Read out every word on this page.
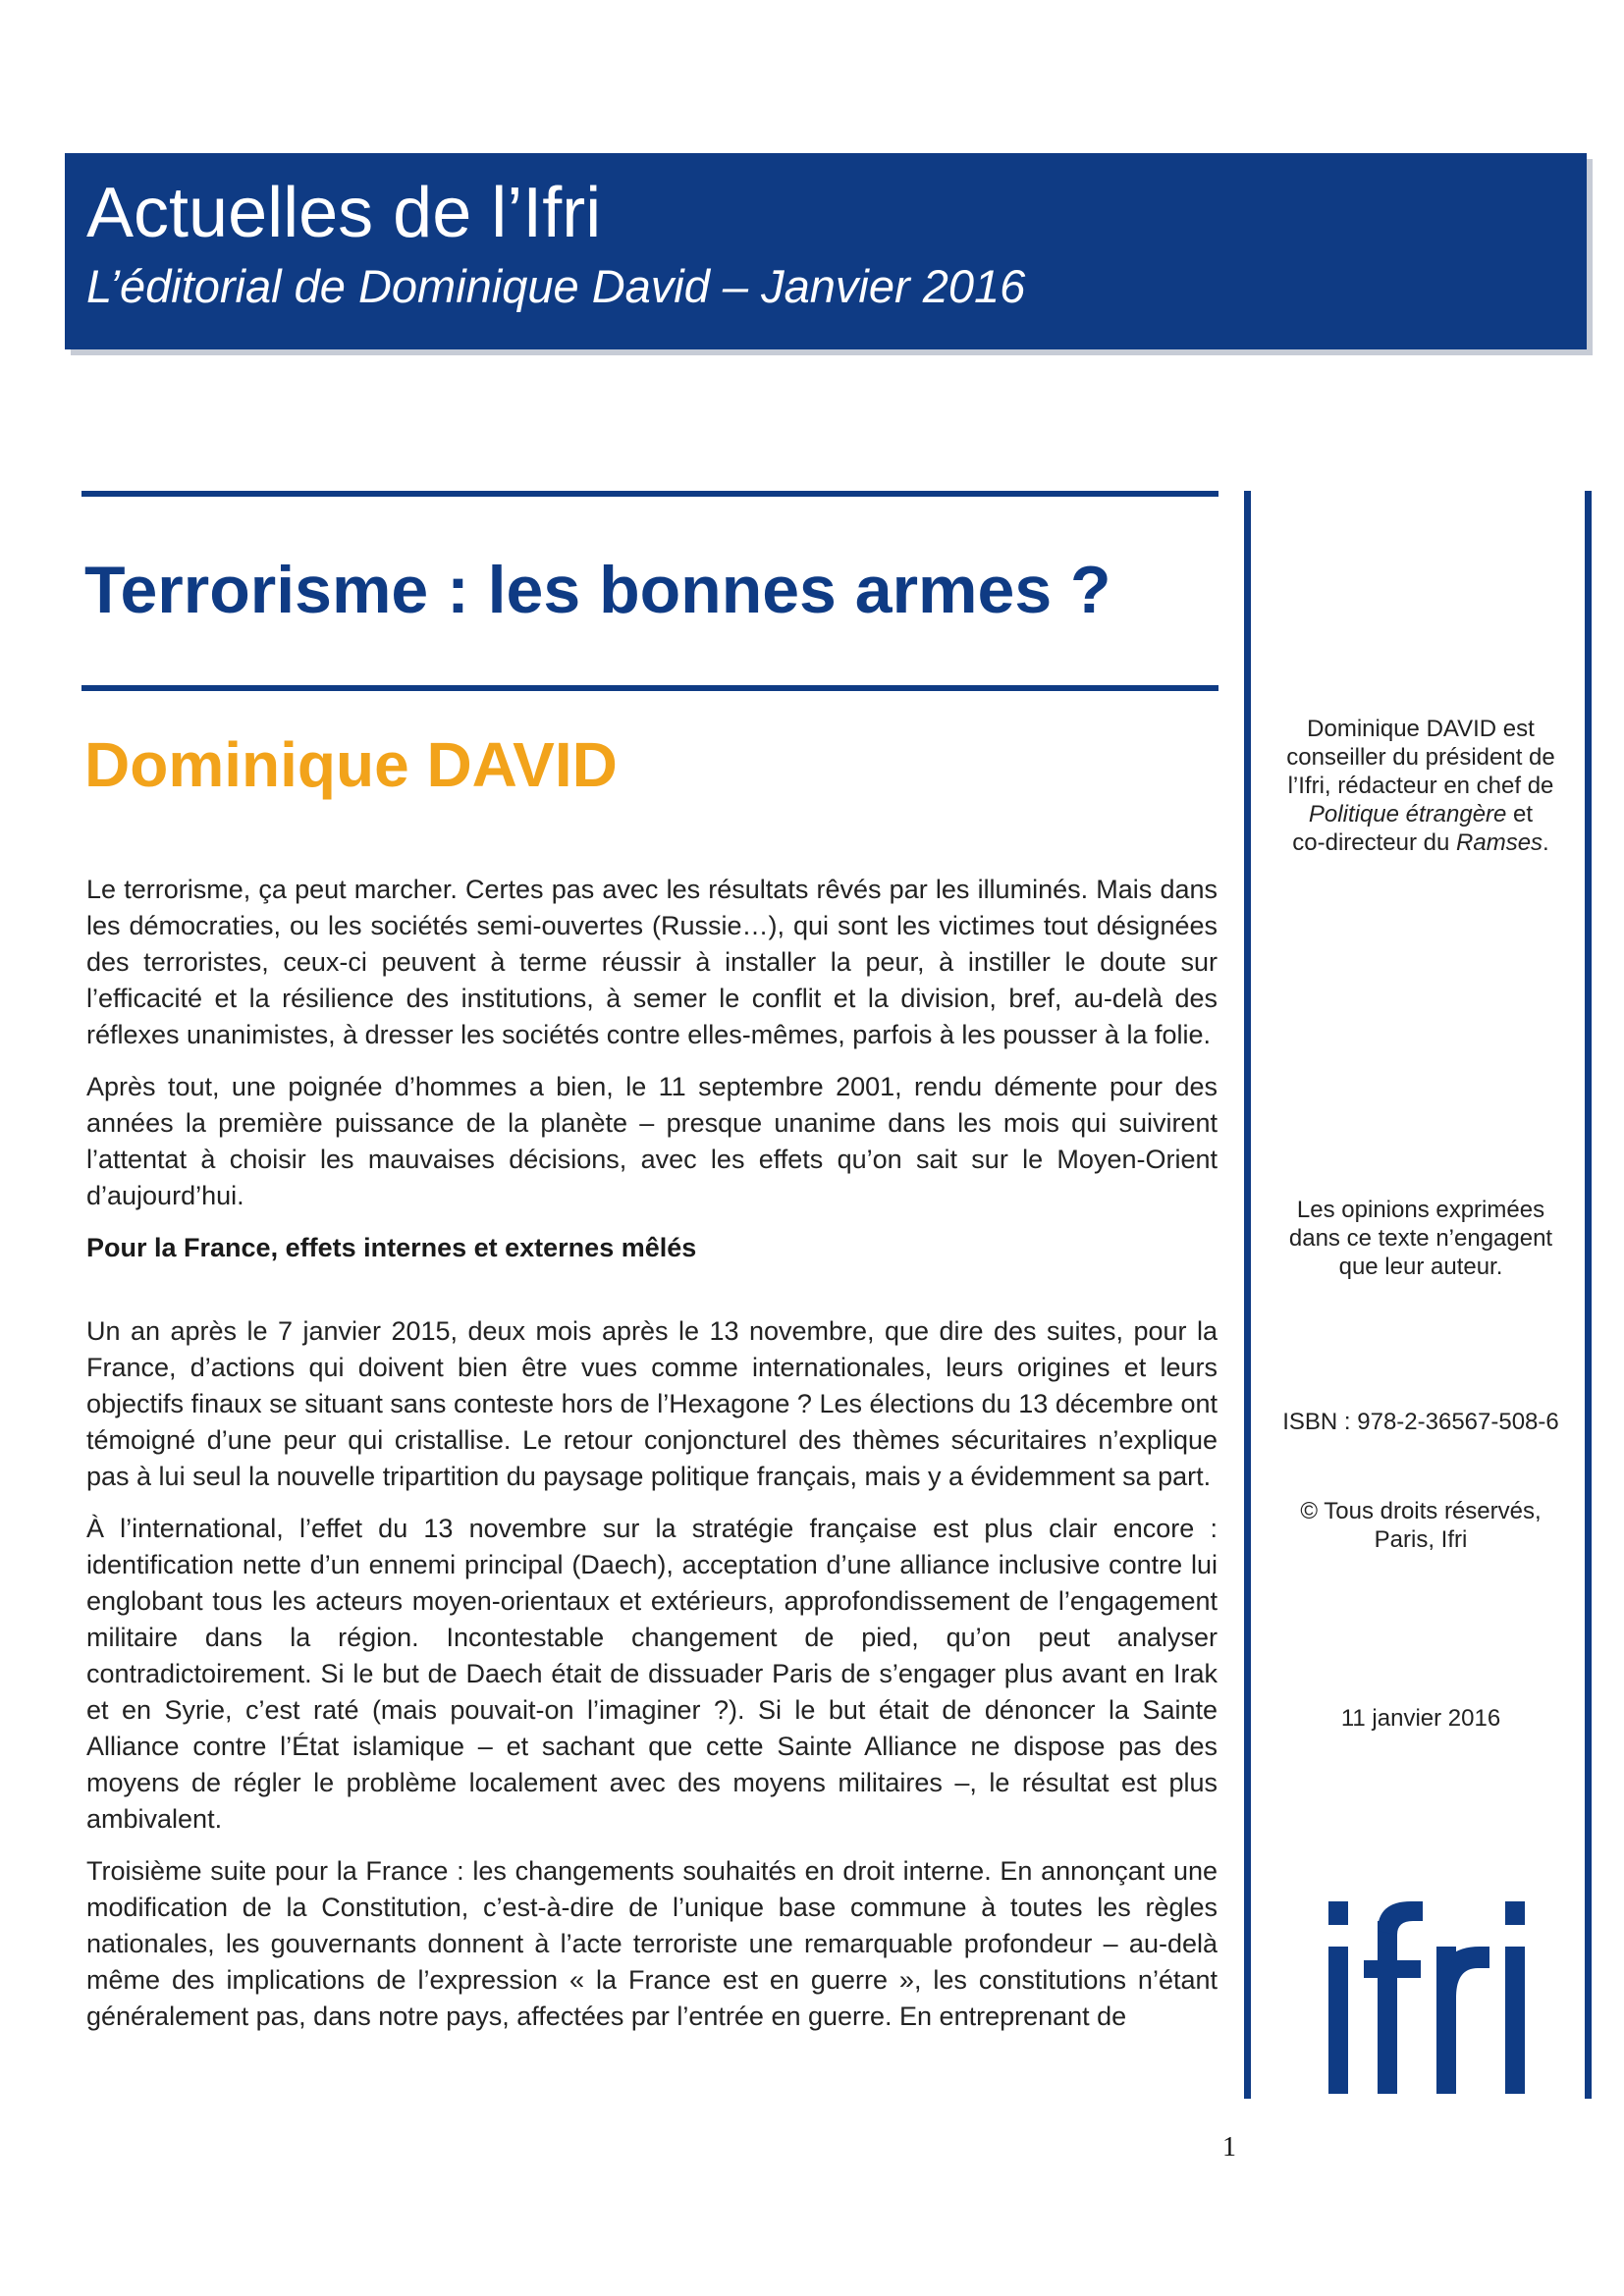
Actuelles de l’Ifri
L’éditorial de Dominique David – Janvier 2016
Terrorisme : les bonnes armes ?
Dominique DAVID

Le terrorisme, ça peut marcher. Certes pas avec les résultats rêvés par les illuminés. Mais dans les démocraties, ou les sociétés semi-ouvertes (Russie…), qui sont les victimes tout désignées des terroristes, ceux-ci peuvent à terme réussir à installer la peur, à instiller le doute sur l’efficacité et la résilience des institutions, à semer le conflit et la division, bref, au-delà des réflexes unanimistes, à dresser les sociétés contre elles-mêmes, parfois à les pousser à la folie.

Après tout, une poignée d’hommes a bien, le 11 septembre 2001, rendu démente pour des années la première puissance de la planète – presque unanime dans les mois qui suivirent l’attentat à choisir les mauvaises décisions, avec les effets qu’on sait sur le Moyen-Orient d’aujourd’hui.

Pour la France, effets internes et externes mêlés

Un an après le 7 janvier 2015, deux mois après le 13 novembre, que dire des suites, pour la France, d’actions qui doivent bien être vues comme internationales, leurs origines et leurs objectifs finaux se situant sans conteste hors de l’Hexagone ? Les élections du 13 décembre ont témoigné d’une peur qui cristallise. Le retour conjoncturel des thèmes sécuritaires n’explique pas à lui seul la nouvelle tripartition du paysage politique français, mais y a évidemment sa part.

À l’international, l’effet du 13 novembre sur la stratégie française est plus clair encore : identification nette d’un ennemi principal (Daech), acceptation d’une alliance inclusive contre lui englobant tous les acteurs moyen-orientaux et extérieurs, approfondissement de l’engagement militaire dans la région. Incontestable changement de pied, qu’on peut analyser contradictoirement. Si le but de Daech était de dissuader Paris de s’engager plus avant en Irak et en Syrie, c’est raté (mais pouvait-on l’imaginer ?). Si le but était de dénoncer la Sainte Alliance contre l’État islamique – et sachant que cette Sainte Alliance ne dispose pas des moyens de régler le problème localement avec des moyens militaires –, le résultat est plus ambivalent.

Troisième suite pour la France : les changements souhaités en droit interne. En annonçant une modification de la Constitution, c’est-à-dire de l’unique base commune à toutes les règles nationales, les gouvernants donnent à l’acte terroriste une remarquable profondeur – au-delà même des implications de l’expression « la France est en guerre », les constitutions n’étant généralement pas, dans notre pays, affectées par l’entrée en guerre. En entreprenant de

Dominique DAVID est
conseiller du président de
l’Ifri, rédacteur en chef de
Politique étrangère et
co-directeur du Ramses.
Les opinions exprimées
dans ce texte n’engagent
que leur auteur.
ISBN : 978-2-36567-508-6
© Tous droits réservés,
Paris, Ifri
11 janvier 2016
1
